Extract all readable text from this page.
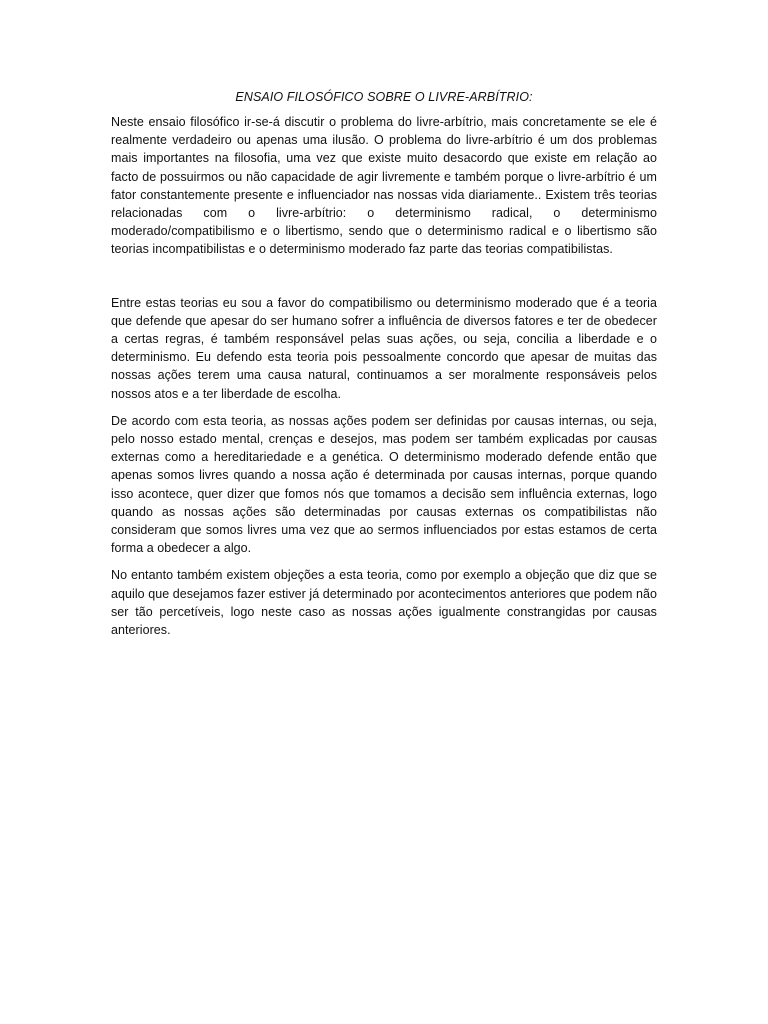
ENSAIO FILOSÓFICO SOBRE O LIVRE-ARBÍTRIO:

Neste ensaio filosófico ir-se-á discutir o problema do livre-arbítrio, mais concretamente se ele é realmente verdadeiro ou apenas uma ilusão. O problema do livre-arbítrio é um dos problemas mais importantes na filosofia, uma vez que existe muito desacordo que existe em relação ao facto de possuirmos ou não capacidade de agir livremente e também porque o livre-arbítrio é um fator constantemente presente e influenciador nas nossas vida diariamente.. Existem três teorias relacionadas com o livre-arbítrio: o determinismo radical, o determinismo moderado/compatibilismo e o libertismo, sendo que o determinismo radical e o libertismo são teorias incompatibilistas e o determinismo moderado faz parte das teorias compatibilistas.

Entre estas teorias eu sou a favor do compatibilismo ou determinismo moderado que é a teoria que defende que apesar do ser humano sofrer a influência de diversos fatores e ter de obedecer a certas regras, é também responsável pelas suas ações, ou seja, concilia a liberdade e o determinismo. Eu defendo esta teoria pois pessoalmente concordo que apesar de muitas das nossas ações terem uma causa natural, continuamos a ser moralmente responsáveis pelos nossos atos e a ter liberdade de escolha.

De acordo com esta teoria, as nossas ações podem ser definidas por causas internas, ou seja, pelo nosso estado mental, crenças e desejos, mas podem ser também explicadas por causas externas como a hereditariedade e a genética. O determinismo moderado defende então que apenas somos livres quando a nossa ação é determinada por causas internas, porque quando isso acontece, quer dizer que fomos nós que tomamos a decisão sem influência externas, logo quando as nossas ações são determinadas por causas externas os compatibilistas não consideram que somos livres uma vez que ao sermos influenciados por estas estamos de certa forma a obedecer a algo.

No entanto também existem objeções a esta teoria, como por exemplo a objeção que diz que se aquilo que desejamos fazer estiver já determinado por acontecimentos anteriores que podem não ser tão percetíveis, logo neste caso as nossas ações igualmente constrangidas por causas anteriores.
